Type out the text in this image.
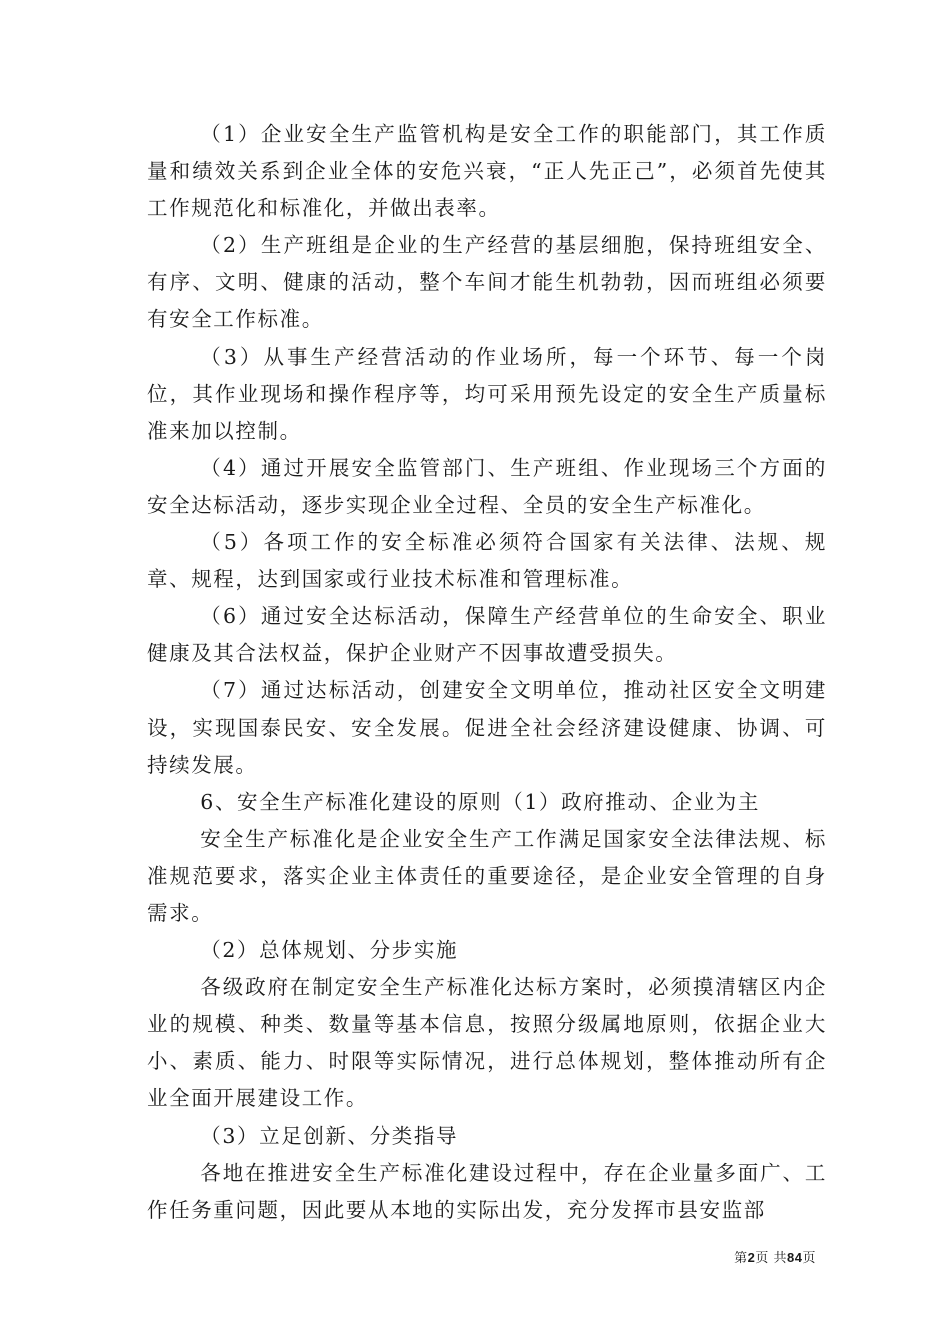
（1）企业安全生产监管机构是安全工作的职能部门，其工作质量和绩效关系到企业全体的安危兴衰，“正人先正己”，必须首先使其工作规范化和标准化，并做出表率。

（2）生产班组是企业的生产经营的基层细胞，保持班组安全、有序、文明、健康的活动，整个车间才能生机勃勃，因而班组必须要有安全工作标准。

（3）从事生产经营活动的作业场所，每一个环节、每一个岗位，其作业现场和操作程序等，均可采用预先设定的安全生产质量标准来加以控制。

（4）通过开展安全监管部门、生产班组、作业现场三个方面的安全达标活动，逐步实现企业全过程、全员的安全生产标准化。

（5）各项工作的安全标准必须符合国家有关法律、法规、规章、规程，达到国家或行业技术标准和管理标准。

（6）通过安全达标活动，保障生产经营单位的生命安全、职业健康及其合法权益，保护企业财产不因事故遭受损失。

（7）通过达标活动，创建安全文明单位，推动社区安全文明建设，实现国泰民安、安全发展。促进全社会经济建设健康、协调、可持续发展。

6、安全生产标准化建设的原则（1）政府推动、企业为主

安全生产标准化是企业安全生产工作满足国家安全法律法规、标准规范要求，落实企业主体责任的重要途径，是企业安全管理的自身需求。

（2）总体规划、分步实施

各级政府在制定安全生产标准化达标方案时，必须摸清辖区内企业的规模、种类、数量等基本信息，按照分级属地原则，依据企业大小、素质、能力、时限等实际情况，进行总体规划，整体推动所有企业全面开展建设工作。

（3）立足创新、分类指导

各地在推进安全生产标准化建设过程中，存在企业量多面广、工作任务重问题，因此要从本地的实际出发，充分发挥市县安监部

第2页 共84页
